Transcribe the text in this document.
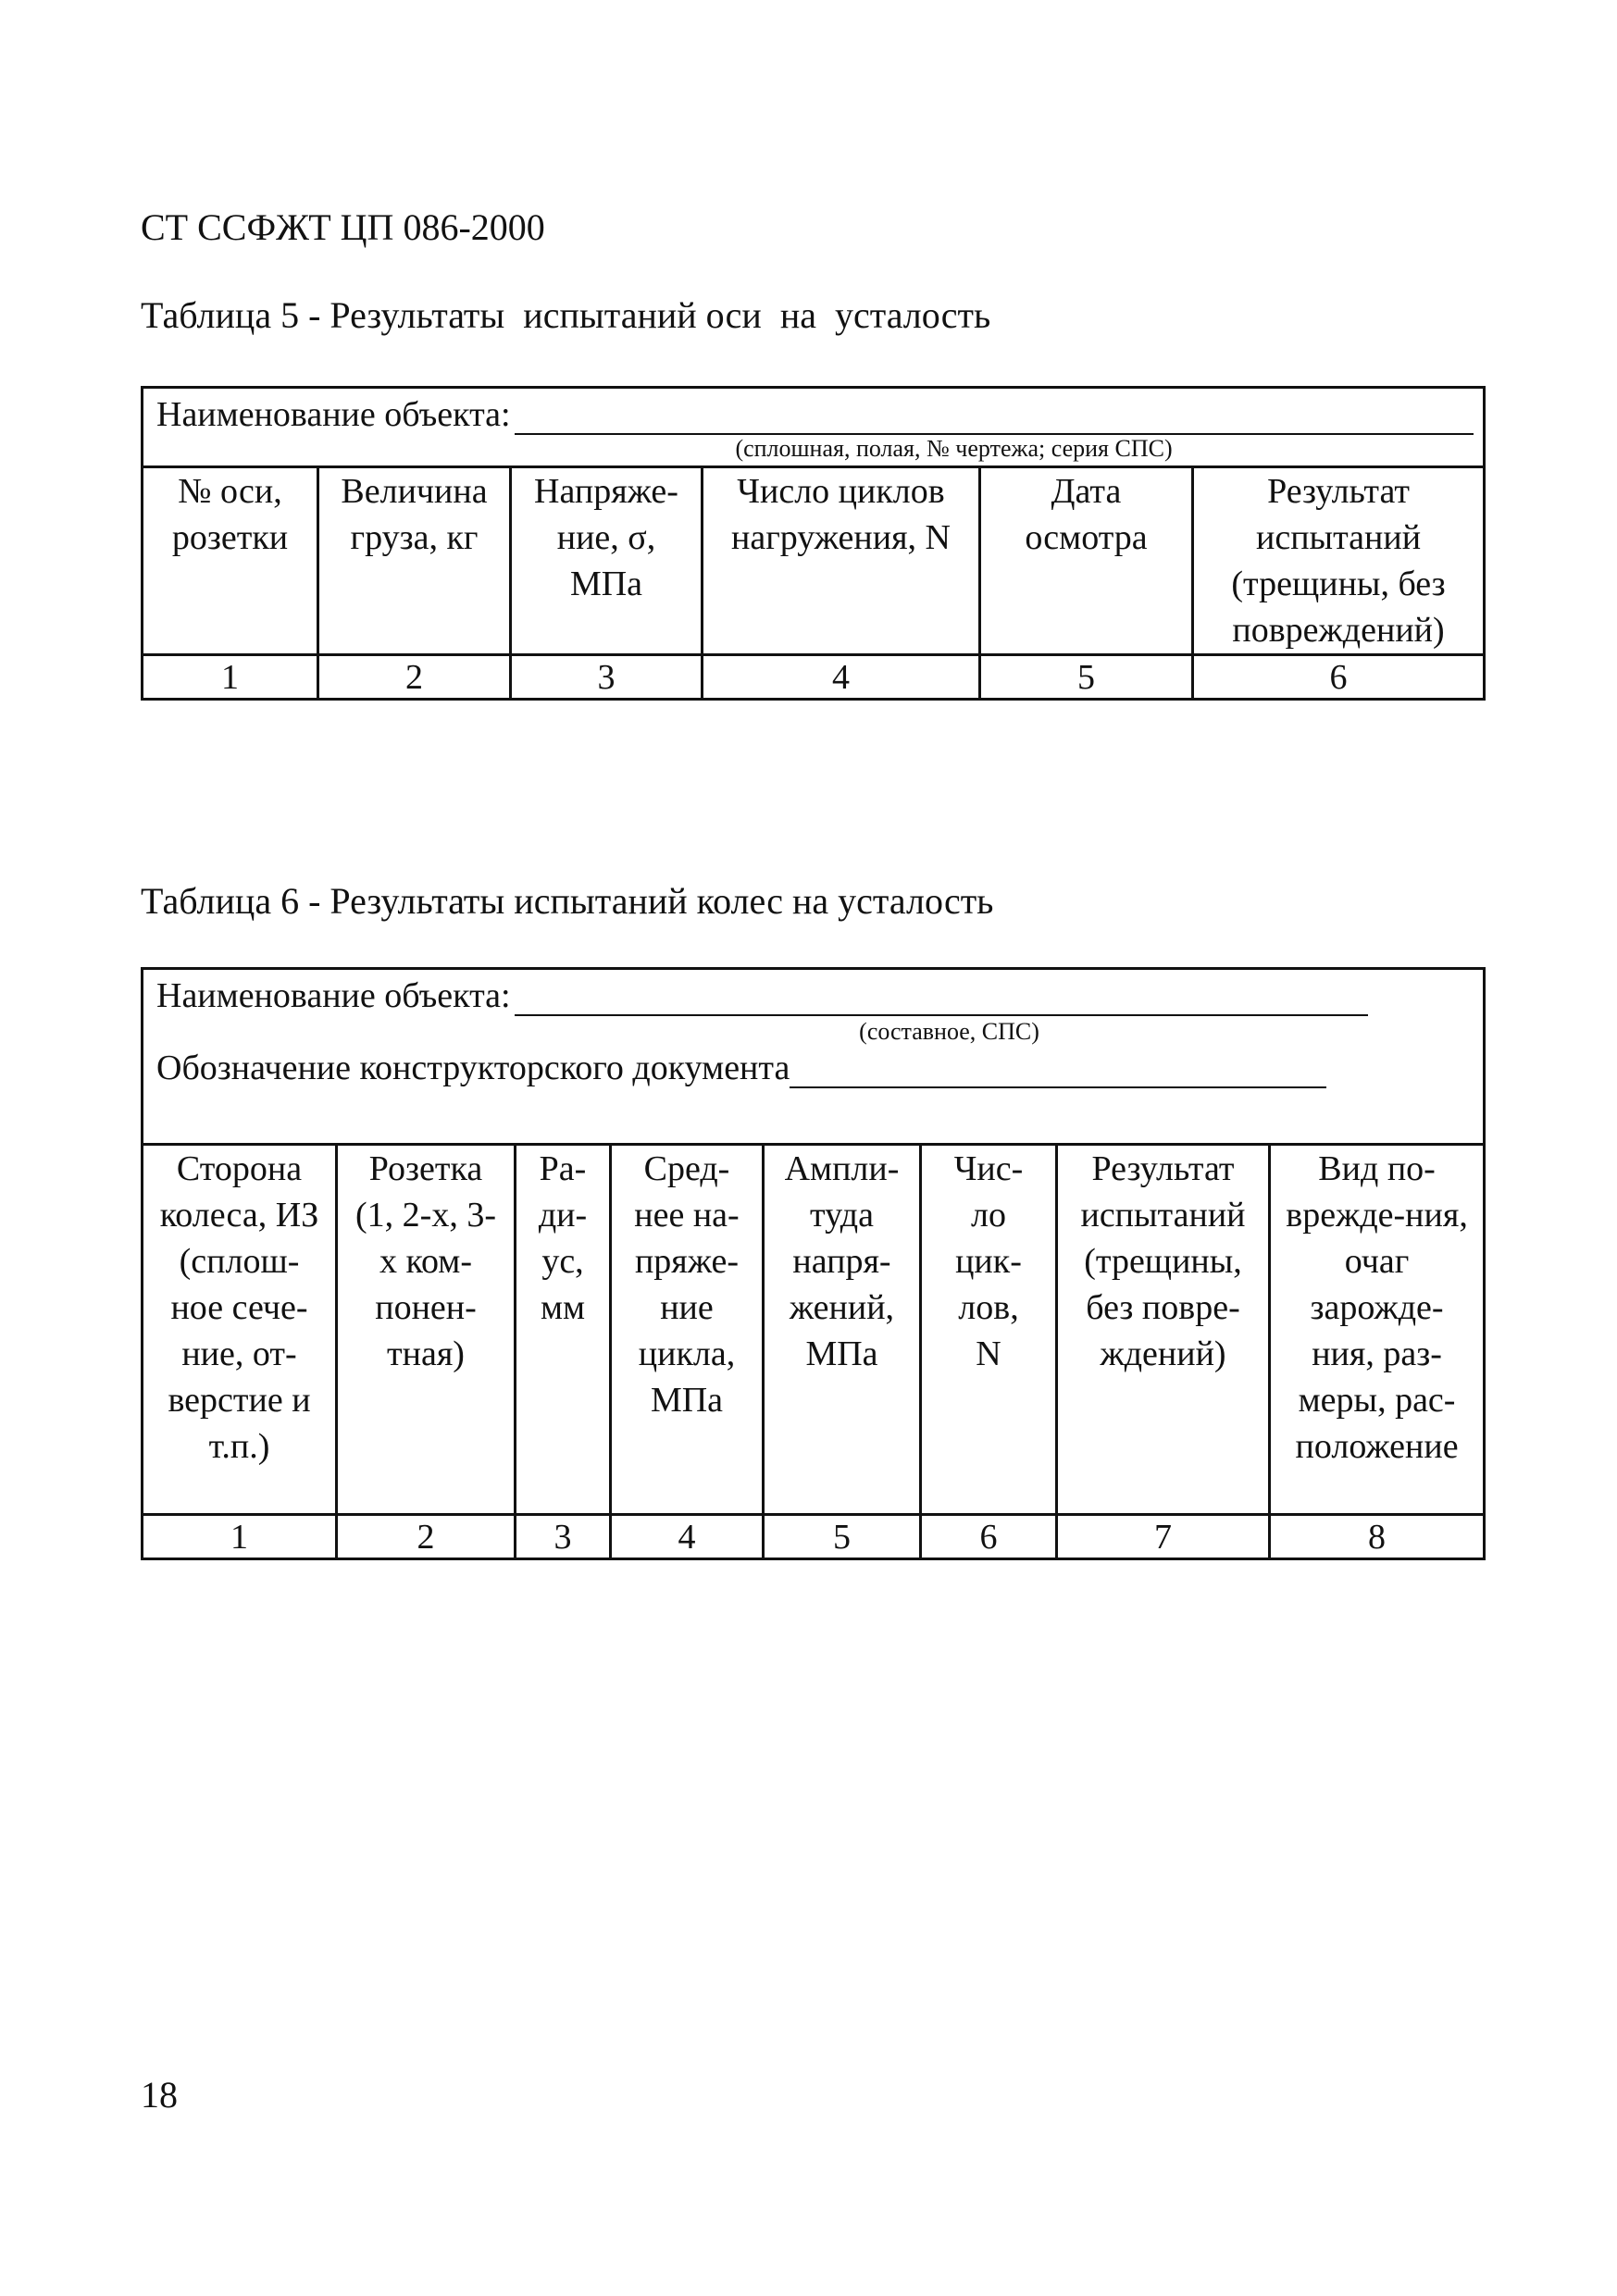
СТ ССФЖТ ЦП 086-2000
Таблица 5 - Результаты  испытаний оси  на  усталость
Наименование объекта:
(сплошная, полая, № чертежа; серия СПС)					

№ оси, розетки	Величина груза, кг	Напряже-ние, σ, МПа	Число циклов нагружения, N	Дата осмотра	Результат испытаний (трещины, без повреждений)
1	2	3	4	5	6
Таблица 6 - Результаты испытаний колес на усталость
Наименование объекта:
(составное, СПС)
Обозначение конструкторского документа							

Сторона колеса, ИЗ (сплош-ное сече-ние, от-верстие и т.п.)	Розетка (1, 2-х, 3-х ком-понен-тная)	Ра-ди-ус, мм	Сред-нее на-пряже-ние цикла, МПа	Ампли-туда напря-жений, МПа	Чис-ло цик-лов, N	Результат испытаний (трещины, без повре-ждений)	Вид по-вреждe-ния, очаг зарожде-ния, раз-меры, рас-положение
1	2	3	4	5	6	7	8
18
